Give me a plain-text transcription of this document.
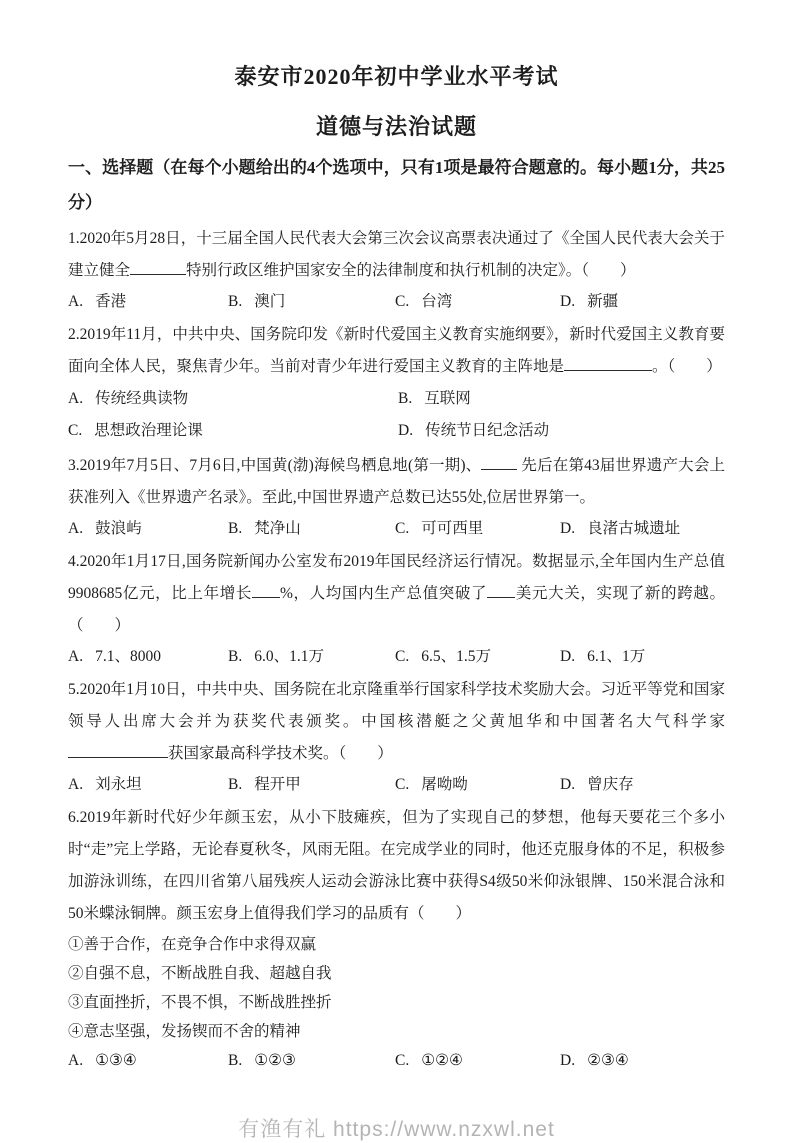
泰安市2020年初中学业水平考试
道德与法治试题
一、选择题（在每个小题给出的4个选项中，只有1项是最符合题意的。每小题1分，共25分）

1.2020年5月28日，十三届全国人民代表大会第三次会议高票表决通过了《全国人民代表大会关于建立健全	特别行政区维护国家安全的法律制度和执行机制的决定》。（　　）

A. 香港	B. 澳门	C. 台湾	D. 新疆

2.2019年11月，中共中央、国务院印发《新时代爱国主义教育实施纲要》，新时代爱国主义教育要面向全体人民，聚焦青少年。当前对青少年进行爱国主义教育的主阵地是	。（　　）

A. 传统经典读物	B. 互联网
C. 思想政治理论课	D. 传统节日纪念活动

3.2019年7月5日、7月6日,中国黄(渤)海候鸟栖息地(第一期)、	先后在第43届世界遗产大会上获准列入《世界遗产名录》。至此,中国世界遗产总数已达55处,位居世界第一。

A. 鼓浪屿	B. 梵净山	C. 可可西里	D. 良渚古城遗址

4.2020年1月17日,国务院新闻办公室发布2019年国民经济运行情况。数据显示,全年国内生产总值9908685亿元，比上年增长 %，人均国内生产总值突破了 美元大关，实现了新的跨越。（　　）

A. 7.1、8000	B. 6.0、1.1万	C. 6.5、1.5万	D. 6.1、1万

5.2020年1月10日，中共中央、国务院在北京隆重举行国家科学技术奖励大会。习近平等党和国家领导人出席大会并为获奖代表颁奖。中国核潜艇之父黄旭华和中国著名大气科学家获国家最高科学技术奖。（　　）

A. 刘永坦	B. 程开甲	C. 屠呦呦	D. 曾庆存

6.2019年新时代好少年颜玉宏，从小下肢瘫疾，但为了实现自己的梦想，他每天要花三个多小时“走”完上学路，无论春夏秋冬，风雨无阻。在完成学业的同时，他还克服身体的不足，积极参加游泳训练，在四川省第八届残疾人运动会游泳比赛中获得S4级50米仰泳银牌、150米混合泳和50米蝶泳铜牌。颜玉宏身上值得我们学习的品质有（　　）

①善于合作，在竞争合作中求得双赢

②自强不息，不断战胜自我、超越自我

③直面挫折，不畏不惧，不断战胜挫折

④意志坚强，发扬锲而不舍的精神

A. ①③④	B. ①②③	C. ①②④	D. ②③④
有渔有礼 https://www.nzxwl.net
